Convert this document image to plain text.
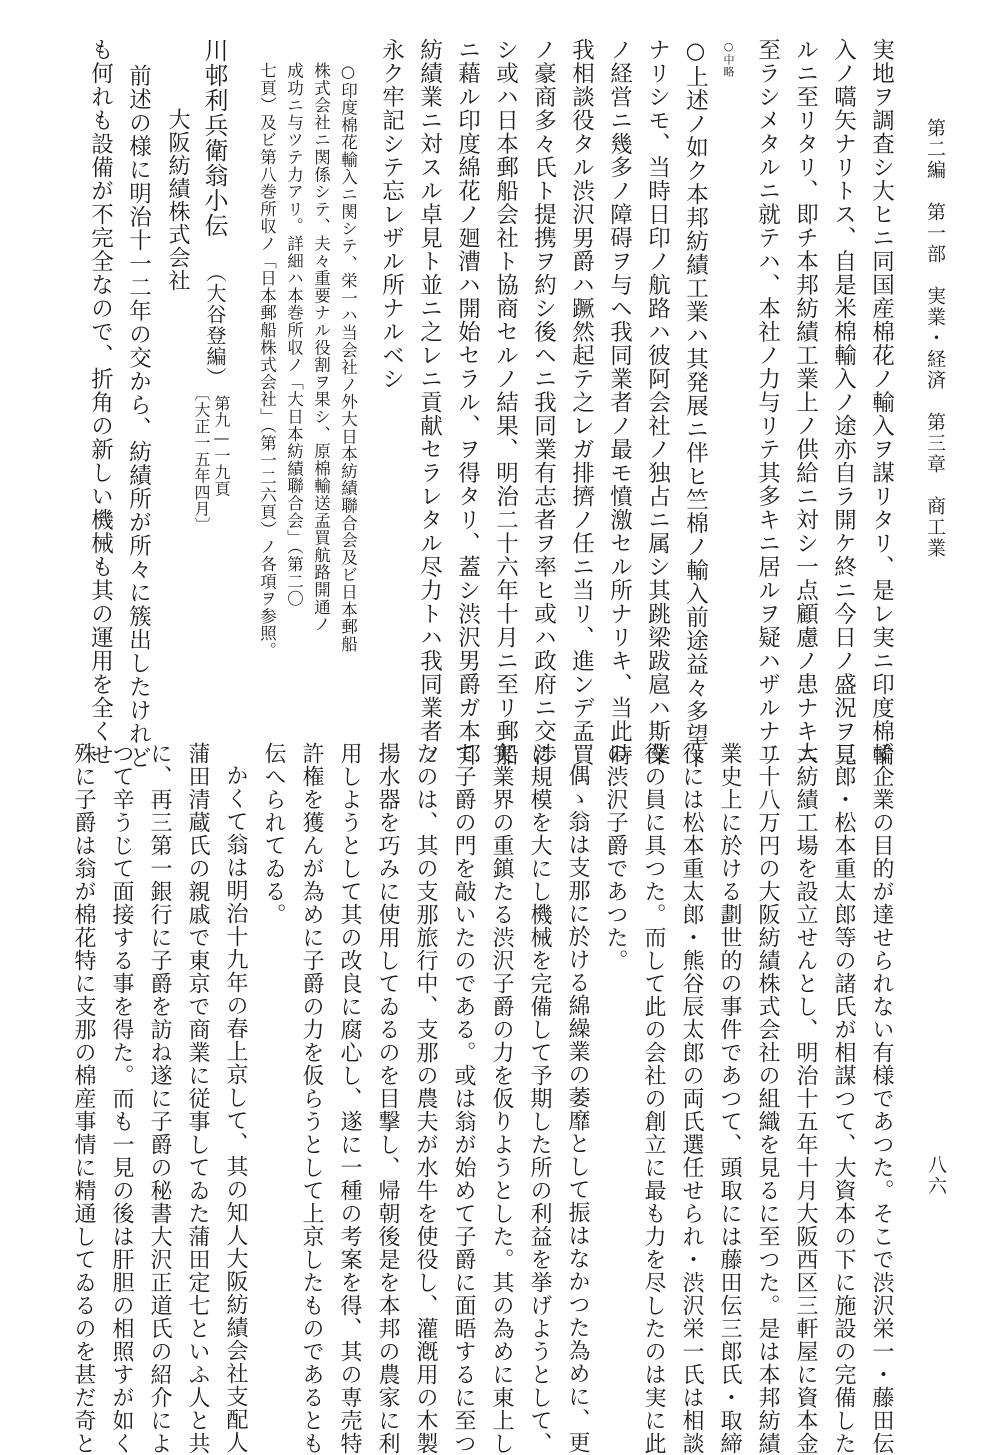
第二編　第一部　実業・経済　第三章　商工業
八六
実地ヲ調査シ大ヒニ同国産棉花ノ輸入ヲ謀リタリ、是レ実ニ印度棉輪
入ノ嚆矢ナリトス、自是米棉輸入ノ途亦自ラ開ケ終ニ今日ノ盛況ヲ見
ルニ至リタリ、即チ本邦紡績工業上ノ供給ニ対シ一点顧慮ノ患ナキニ
至ラシメタルニ就テハ、本社ノ力与リテ其多キニ居ルヲ疑ハザルナリ
○中略
○上述ノ如ク本邦紡績工業ハ其発展ニ伴ヒ竺棉ノ輸入前途益々多望ト
ナリシモ、当時日印ノ航路ハ彼阿会社ノ独占ニ属シ其跳梁跋扈ハ斯業
ノ経営ニ幾多ノ障碍ヲ与ヘ我同業者ノ最モ憤激セル所ナリキ、当此時
我相談役タル渋沢男爵ハ蹶然起テ之レガ排擠ノ任ニ当リ、進ンデ孟買
ノ豪商多々氏ト提携ヲ約シ後ヘニ我同業有志者ヲ率ヒ或ハ政府ニ交渉
シ或ハ日本郵船会社ト協商セルノ結果、明治二十六年十月ニ至リ郵船
ニ藉ル印度綿花ノ廻漕ハ開始セラル、ヲ得タリ、蓋シ渋沢男爵ガ本邦
紡績業ニ対スル卓見ト並ニ之レニ貢献セラレタル尽力トハ我同業者ノ
永ク牢記シテ忘レザル所ナルベシ
○印度棉花輸入ニ関シテ、栄一ハ当会社ノ外大日本紡績聯合会及ビ日本郵船
株式会社ニ関係シテ、夫々重要ナル役割ヲ果シ、原棉輸送孟買航路開通ノ
成功ニ与ツテ力アリ。詳細ハ本巻所収ノ「大日本紡績聯合会」（第二〇
七頁）及ビ第八巻所収ノ「日本郵船株式会社」（第一二六頁）ノ各項ヲ参照。
川邨利兵衛翁小伝
（大谷登編）
第九—一九頁
〔大正一五年四月〕
大阪紡績株式会社
前述の様に明治十一二年の交から、紡績所が所々に簇出したけれど
も何れも設備が不完全なので、折角の新しい機械も其の運用を全くせ
ず企業の目的が達せられない有様であつた。そこで渋沢栄一・藤田伝
三郎・松本重太郎等の諸氏が相謀つて、大資本の下に施設の完備した
大紡績工場を設立せんとし、明治十五年十月大阪西区三軒屋に資本金
二十八万円の大阪紡績株式会社の組織を見るに至つた。是は本邦紡績
業史上に於ける劃世的の事件であつて、頭取には藤田伝三郎氏・取締
役には松本重太郎・熊谷辰太郎の両氏選任せられ・渋沢栄一氏は相談
役の員に具つた。而して此の会社の創立に最も力を尽したのは実に此
の渋沢子爵であつた。
偶ゝ翁は支那に於ける綿繰業の萎靡として振はなかつた為めに、更
に規模を大にし機械を完備して予期した所の利益を挙げようとして、
実業界の重鎮たる渋沢子爵の力を仮りようとした。其の為めに東上し
て子爵の門を敲いたのである。或は翁が始めて子爵に面晤するに至つ
たのは、其の支那旅行中、支那の農夫が水牛を使役し、灌漑用の木製
揚水器を巧みに使用してゐるのを目撃し、帰朝後是を本邦の農家に利
用しようとして其の改良に腐心し、遂に一種の考案を得、其の専売特
許権を獲んが為めに子爵の力を仮らうとして上京したものであるとも
伝へられてゐる。
かくて翁は明治十九年の春上京して、其の知人大阪紡績会社支配人
蒲田清蔵氏の親戚で東京で商業に従事してゐた蒲田定七といふ人と共
に、再三第一銀行に子爵を訪ね遂に子爵の秘書大沢正道氏の紹介によ
つて辛うじて面接する事を得た。而も一見の後は肝胆の相照すが如く
殊に子爵は翁が棉花特に支那の棉産事情に精通してゐるのを甚だ奇と
